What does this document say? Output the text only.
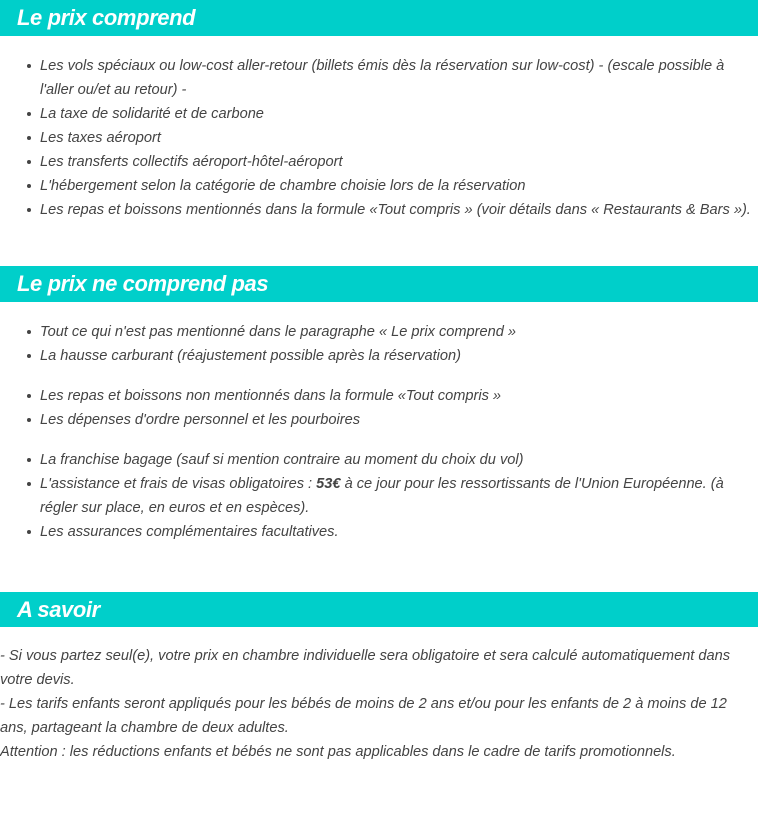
Le prix comprend
Les vols spéciaux ou low-cost aller-retour (billets émis dès la réservation sur low-cost) - (escale possible à l'aller ou/et au retour) -
La taxe de solidarité et de carbone
Les taxes aéroport
Les transferts collectifs aéroport-hôtel-aéroport
L'hébergement selon la catégorie de chambre choisie lors de la réservation
Les repas et boissons mentionnés dans la formule «Tout compris » (voir détails dans « Restaurants & Bars »).
Le prix ne comprend pas
Tout ce qui n'est pas mentionné dans le paragraphe « Le prix comprend »
La hausse carburant (réajustement possible après la réservation)
Les repas et boissons non mentionnés dans la formule «Tout compris »
Les dépenses d'ordre personnel et les pourboires
La franchise bagage (sauf si mention contraire au moment du choix du vol)
L'assistance et frais de visas obligatoires : 53€ à ce jour pour les ressortissants de l'Union Européenne. (à régler sur place, en euros et en espèces).
Les assurances complémentaires facultatives.
A savoir
- Si vous partez seul(e), votre prix en chambre individuelle sera obligatoire et sera calculé automatiquement dans votre devis.
- Les tarifs enfants seront appliqués pour les bébés de moins de 2 ans et/ou pour les enfants de 2 à moins de 12 ans, partageant la chambre de deux adultes.
Attention : les réductions enfants et bébés ne sont pas applicables dans le cadre de tarifs promotionnels.
